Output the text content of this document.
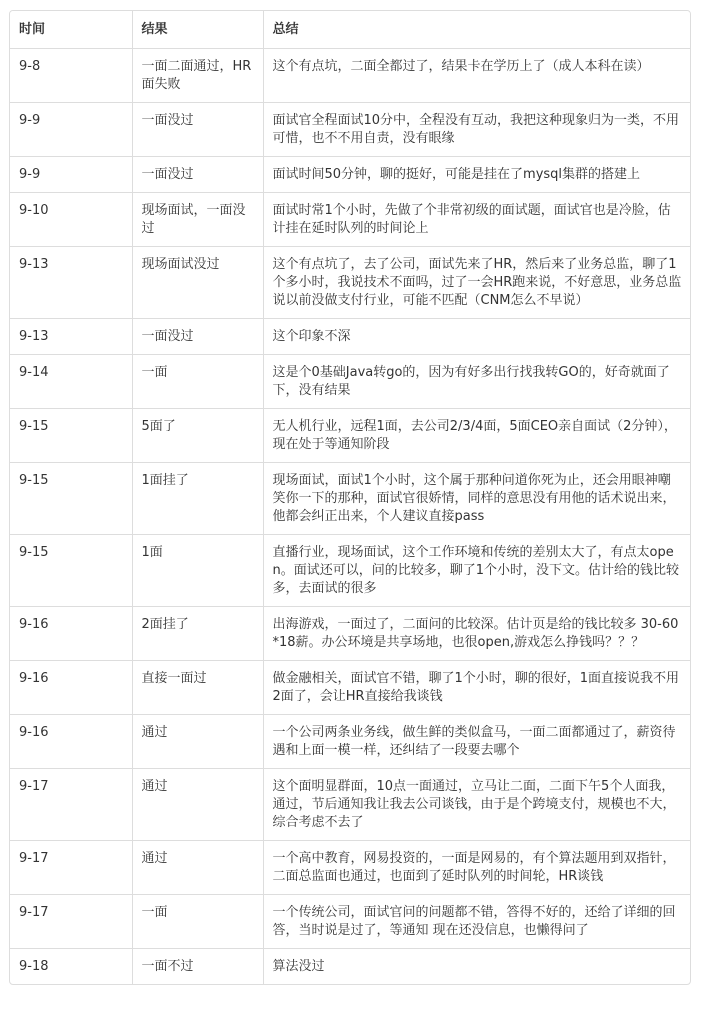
时间	结果	总结
9-8	一面二面通过，HR面失败	这个有点坑，二面全都过了，结果卡在学历上了（成人本科在读）
9-9	一面没过	面试官全程面试10分中，全程没有互动，我把这种现象归为一类，不用可惜，也不不用自责，没有眼缘
9-9	一面没过	面试时间50分钟，聊的挺好，可能是挂在了mysql集群的搭建上
9-10	现场面试，一面没过	面试时常1个小时，先做了个非常初级的面试题，面试官也是冷脸，估计挂在延时队列的时间论上
9-13	现场面试没过	这个有点坑了，去了公司，面试先来了HR，然后来了业务总监，聊了1个多小时，我说技术不面吗，过了一会HR跑来说，不好意思，业务总监说以前没做支付行业，可能不匹配（CNM怎么不早说）
9-13	一面没过	这个印象不深
9-14	一面	这是个0基础Java转go的，因为有好多出行找我转GO的，好奇就面了下，没有结果
9-15	5面了	无人机行业，远程1面，去公司2/3/4面，5面CEO亲自面试（2分钟），现在处于等通知阶段
9-15	1面挂了	现场面试，面试1个小时，这个属于那种问道你死为止，还会用眼神嘲笑你一下的那种，面试官很娇情，同样的意思没有用他的话术说出来，他都会纠正出来，个人建议直接pass
9-15	1面	直播行业，现场面试，这个工作环境和传统的差别太大了，有点太open。面试还可以，问的比较多，聊了1个小时，没下文。估计给的钱比较多，去面试的很多
9-16	2面挂了	出海游戏，一面过了，二面问的比较深。估计页是给的钱比较多 30-60*18薪。办公环境是共享场地，也很open,游戏怎么挣钱吗？？？
9-16	直接一面过	做金融相关，面试官不错，聊了1个小时，聊的很好，1面直接说我不用2面了，会让HR直接给我谈钱
9-16	通过	一个公司两条业务线，做生鲜的类似盒马，一面二面都通过了，薪资待遇和上面一模一样，还纠结了一段要去哪个
9-17	通过	这个面明显群面，10点一面通过，立马让二面，二面下午5个人面我，通过，节后通知我让我去公司谈钱，由于是个跨境支付，规模也不大，综合考虑不去了
9-17	通过	一个高中教育，网易投资的，一面是网易的，有个算法题用到双指针，二面总监面也通过，也面到了延时队列的时间轮，HR谈钱
9-17	一面	一个传统公司，面试官问的问题都不错，答得不好的，还给了详细的回答，当时说是过了，等通知 现在还没信息，也懒得问了
9-18	一面不过	算法没过
